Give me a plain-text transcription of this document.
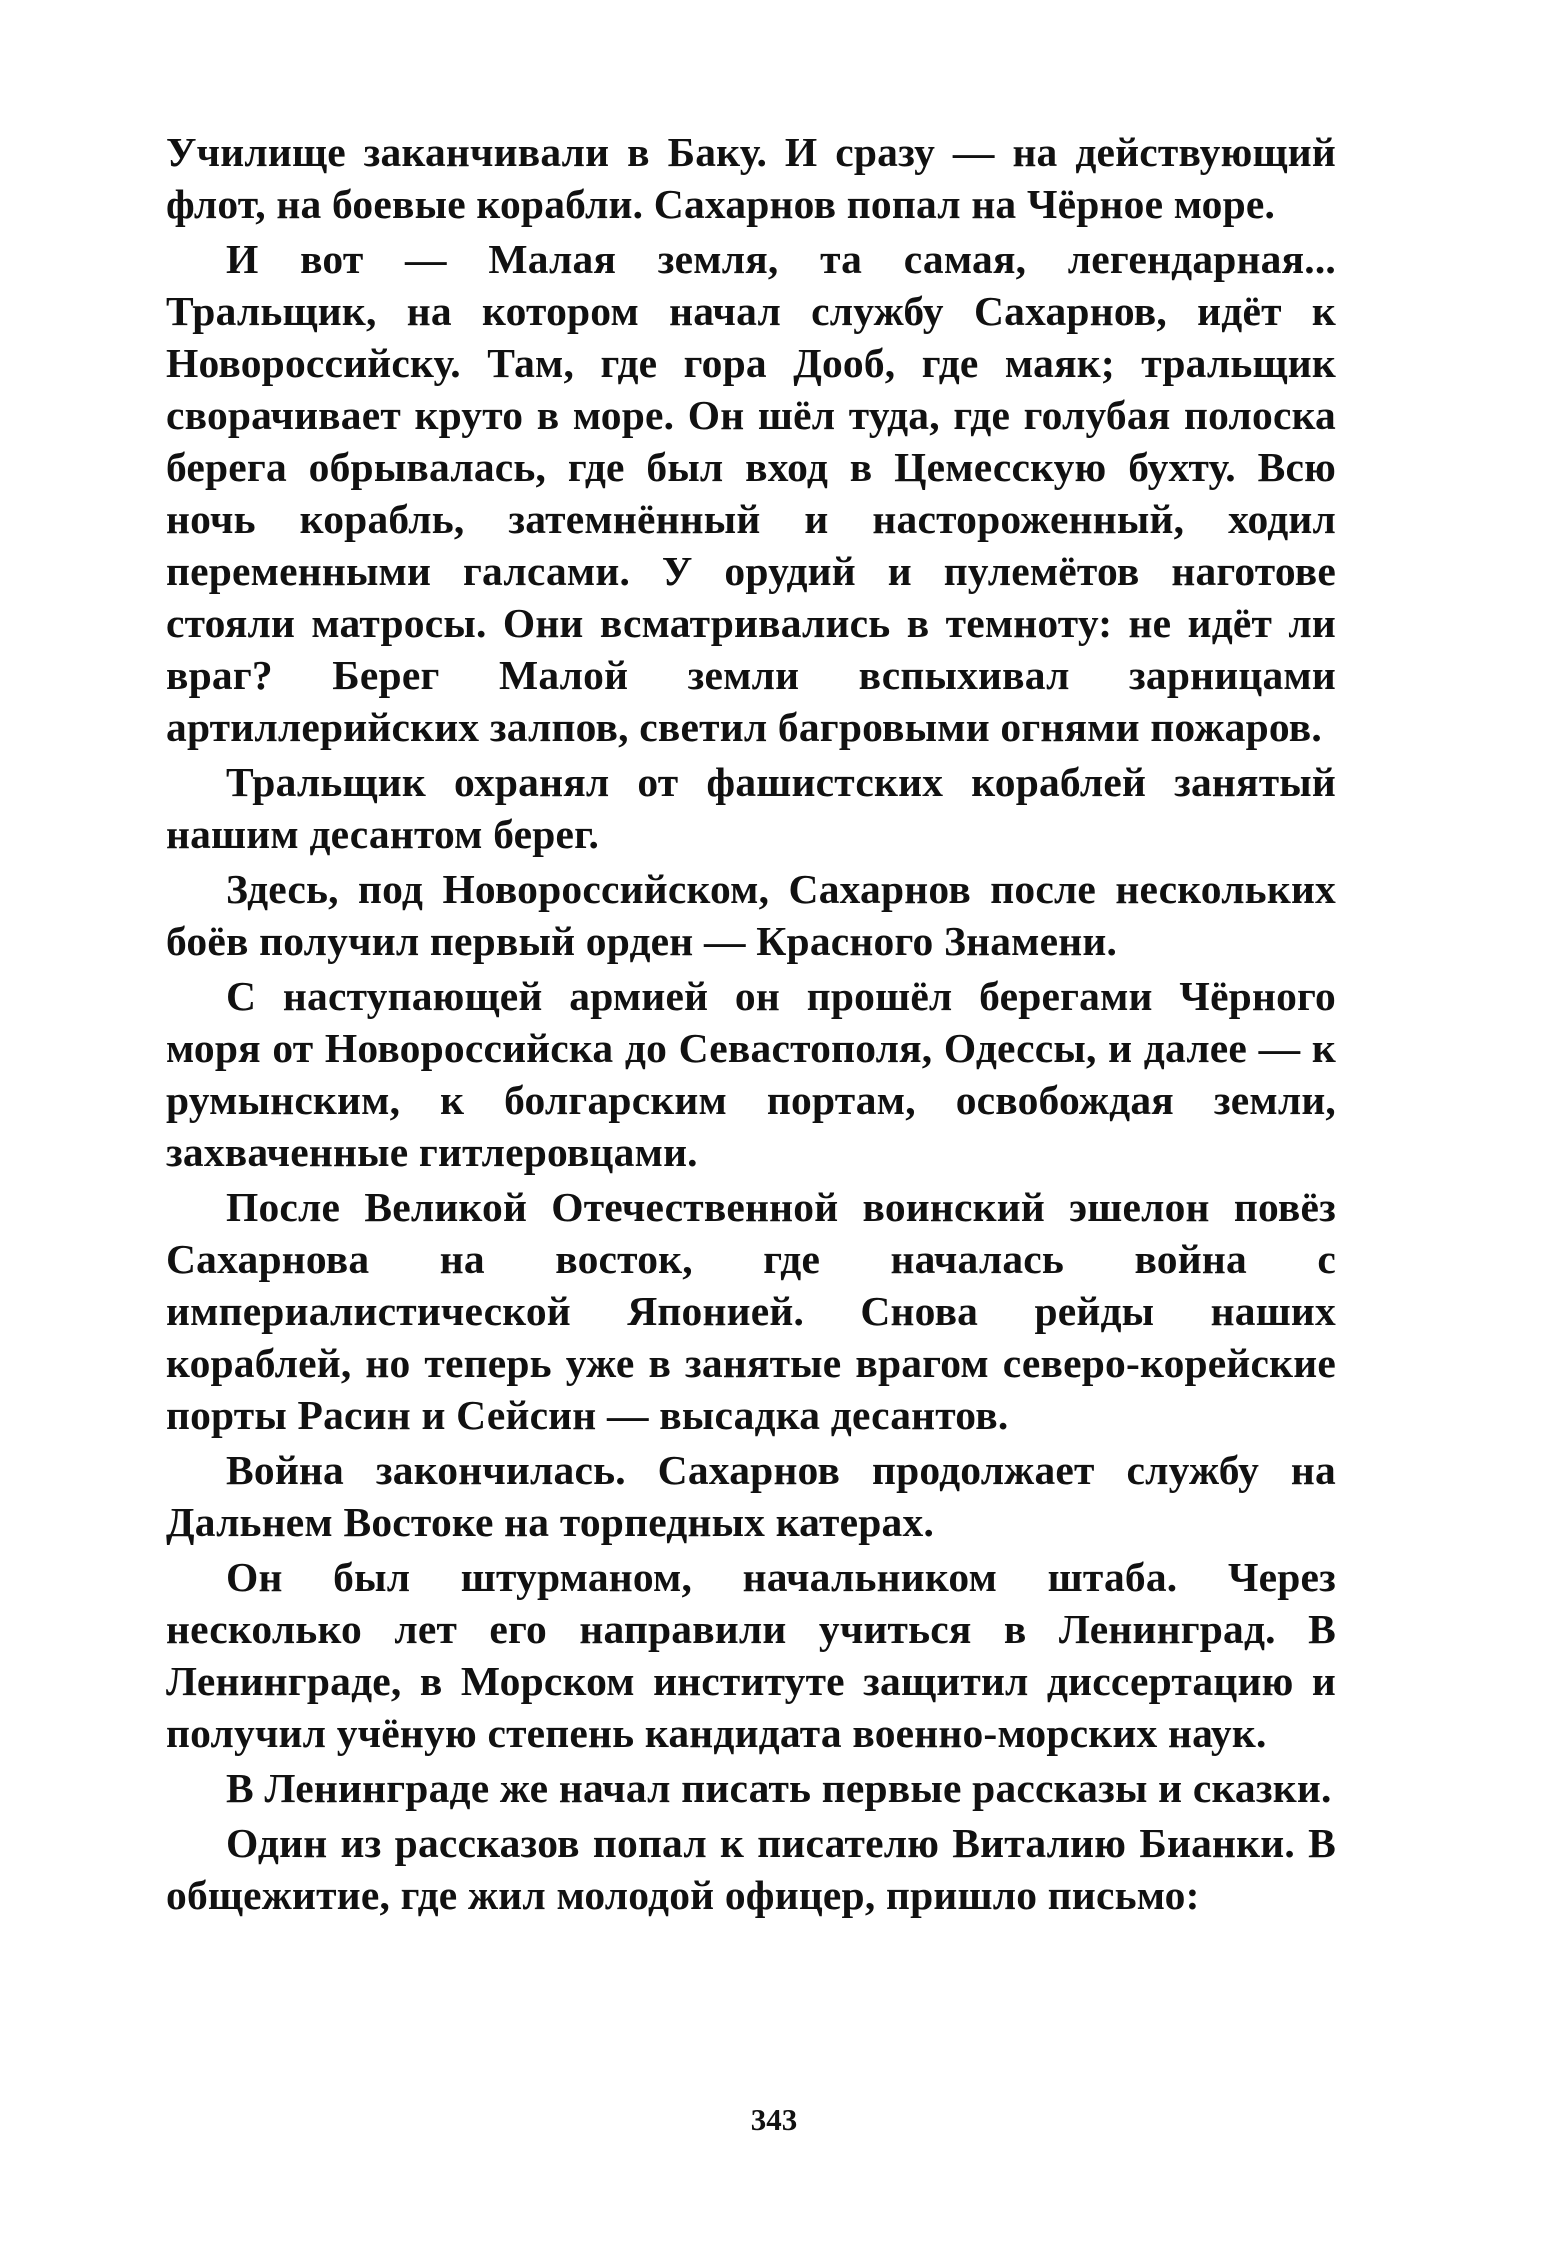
Училище заканчивали в Баку. И сразу — на действующий флот, на боевые корабли. Сахарнов попал на Чёрное море.

И вот — Малая земля, та самая, легендарная... Тральщик, на котором начал службу Сахарнов, идёт к Новороссийску. Там, где гора Дооб, где маяк; тральщик сворачивает круто в море. Он шёл туда, где голубая полоска берега обрывалась, где был вход в Цемесскую бухту. Всю ночь корабль, затемнённый и настороженный, ходил переменными галсами. У орудий и пулемётов наготове стояли матросы. Они всматривались в темноту: не идёт ли враг? Берег Малой земли вспыхивал зарницами артиллерийских залпов, светил багровыми огнями пожаров.

Тральщик охранял от фашистских кораблей занятый нашим десантом берег.

Здесь, под Новороссийском, Сахарнов после нескольких боёв получил первый орден — Красного Знамени.

С наступающей армией он прошёл берегами Чёрного моря от Новороссийска до Севастополя, Одессы, и далее — к румынским, к болгарским портам, освобождая земли, захваченные гитлеровцами.

После Великой Отечественной воинский эшелон повёз Сахарнова на восток, где началась война с империалистической Японией. Снова рейды наших кораблей, но теперь уже в занятые врагом северо-корейские порты Расин и Сейсин — высадка десантов.

Война закончилась. Сахарнов продолжает службу на Дальнем Востоке на торпедных катерах.

Он был штурманом, начальником штаба. Через несколько лет его направили учиться в Ленинград. В Ленинграде, в Морском институте защитил диссертацию и получил учёную степень кандидата военно-морских наук.

В Ленинграде же начал писать первые рассказы и сказки.

Один из рассказов попал к писателю Виталию Бианки. В общежитие, где жил молодой офицер, пришло письмо:

343
